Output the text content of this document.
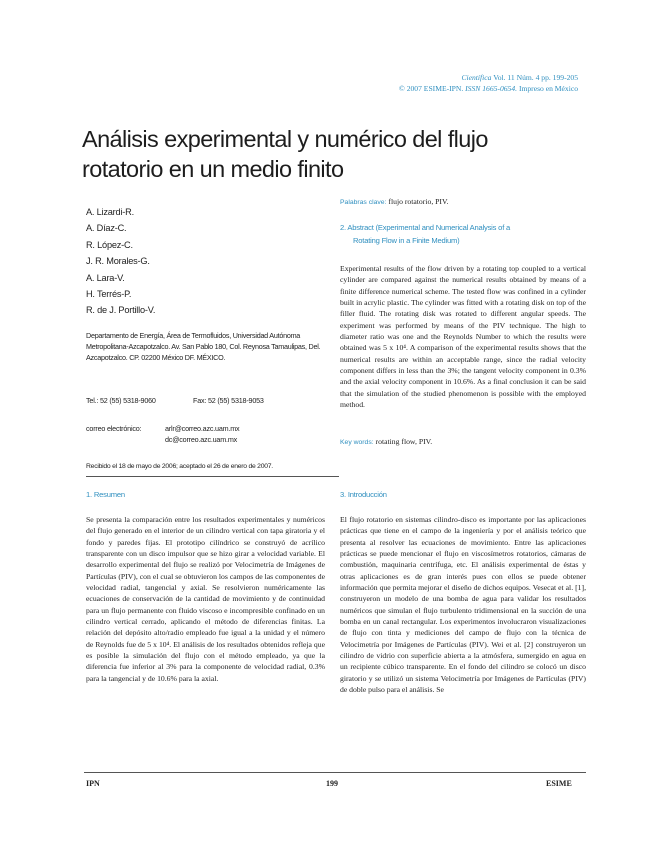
Científica Vol. 11 Núm. 4 pp. 199-205
© 2007 ESIME-IPN. ISSN 1665-0654. Impreso en México
Análisis experimental y numérico del flujo
rotatorio en un medio finito
A. Lizardi-R.
A. Díaz-C.
R. López-C.
J. R. Morales-G.
A. Lara-V.
H. Terrés-P.
R. de J. Portillo-V.
Departamento de Energía, Área de Termofluidos, Universidad Autónoma Metropolitana-Azcapotzalco. Av. San Pablo 180, Col. Reynosa Tamaulipas, Del. Azcapotzalco. CP. 02200 México DF. MÉXICO.
Tel.: 52 (55) 5318-9060	Fax: 52 (55) 5318-9053
correo electrónico:	arlr@correo.azc.uam.mx
dc@correo.azc.uam.mx
Recibido el 18 de mayo de 2006; aceptado el 26 de enero de 2007.
1. Resumen
Se presenta la comparación entre los resultados experimentales y numéricos del flujo generado en el interior de un cilindro vertical con tapa giratoria y el fondo y paredes fijas. El prototipo cilíndrico se construyó de acrílico transparente con un disco impulsor que se hizo girar a velocidad variable. El desarrollo experimental del flujo se realizó por Velocimetría de Imágenes de Partículas (PIV), con el cual se obtuvieron los campos de las componentes de velocidad radial, tangencial y axial. Se resolvieron numéricamente las ecuaciones de conservación de la cantidad de movimiento y de continuidad para un flujo permanente con fluido viscoso e incompresible confinado en un cilindro vertical cerrado, aplicando el método de diferencias finitas. La relación del depósito alto/radio empleado fue igual a la unidad y el número de Reynolds fue de 5 x 10⁴. El análisis de los resultados obtenidos refleja que es posible la simulación del flujo con el método empleado, ya que la diferencia fue inferior al 3% para la componente de velocidad radial, 0.3% para la tangencial y de 10.6% para la axial.
Palabras clave: flujo rotatorio, PIV.
2. Abstract (Experimental and Numerical Analysis of a
Rotating Flow in a Finite Medium)
Experimental results of the flow driven by a rotating top coupled to a vertical cylinder are compared against the numerical results obtained by means of a finite difference numerical scheme. The tested flow was confined in a cylinder built in acrylic plastic. The cylinder was fitted with a rotating disk on top of the filler fluid. The rotating disk was rotated to different angular speeds. The experiment was performed by means of the PIV technique. The high to diameter ratio was one and the Reynolds Number to which the results were obtained was 5 x 10⁴. A comparison of the experimental results shows that the numerical results are within an acceptable range, since the radial velocity component differs in less than the 3%; the tangent velocity component in 0.3% and the axial velocity component in 10.6%. As a final conclusion it can be said that the simulation of the studied phenomenon is possible with the employed method.
Key words: rotating flow, PIV.
3. Introducción
El flujo rotatorio en sistemas cilindro-disco es importante por las aplicaciones prácticas que tiene en el campo de la ingeniería y por el análisis teórico que presenta al resolver las ecuaciones de movimiento. Entre las aplicaciones prácticas se puede mencionar el flujo en viscosímetros rotatorios, cámaras de combustión, maquinaria centrífuga, etc. El análisis experimental de éstas y otras aplicaciones es de gran interés pues con ellos se puede obtener información que permita mejorar el diseño de dichos equipos. Vesecat et al. [1], construyeron un modelo de una bomba de agua para validar los resultados numéricos que simulan el flujo turbulento tridimensional en la succión de una bomba en un canal rectangular. Los experimentos involucraron visualizaciones de flujo con tinta y mediciones del campo de flujo con la técnica de Velocimetría por Imágenes de Partículas (PIV). Wei et al. [2] construyeron un cilindro de vidrio con superficie abierta a la atmósfera, sumergido en agua en un recipiente cúbico transparente. En el fondo del cilindro se colocó un disco giratorio y se utilizó un sistema Velocimetría por Imágenes de Partículas (PIV) de doble pulso para el análisis. Se
IPN	199	ESIME
